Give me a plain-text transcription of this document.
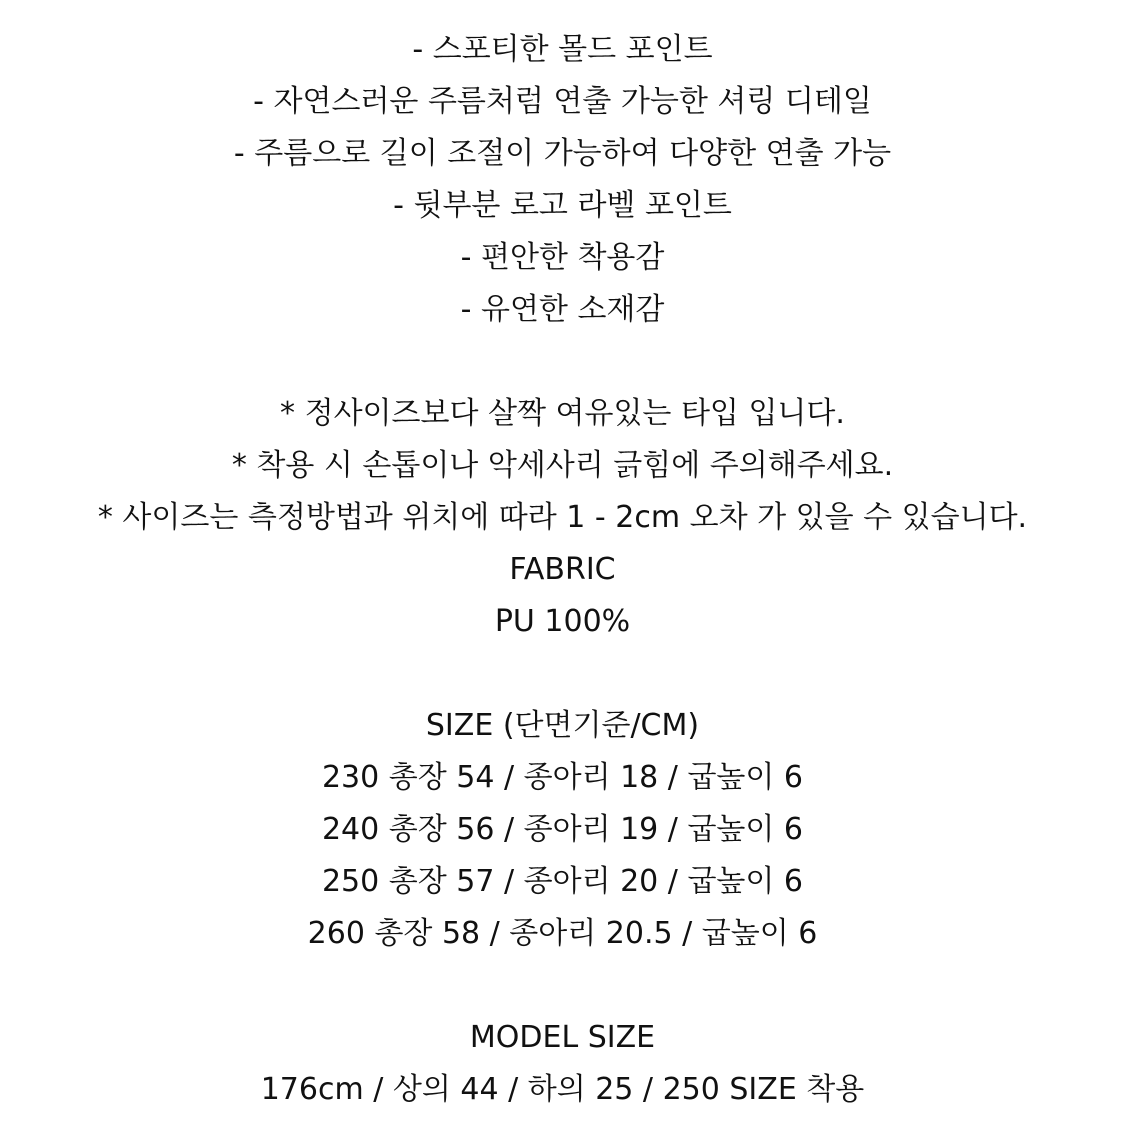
- 스포티한 몰드 포인트
- 자연스러운 주름처럼 연출 가능한 셔링 디테일
- 주름으로 길이 조절이 가능하여 다양한 연출 가능
- 뒷부분 로고 라벨 포인트
- 편안한 착용감
- 유연한 소재감
* 정사이즈보다 살짝 여유있는 타입 입니다.
* 착용 시 손톱이나 악세사리 긁힘에 주의해주세요.
* 사이즈는 측정방법과 위치에 따라 1 - 2cm 오차 가 있을 수 있습니다.
FABRIC
PU 100%
SIZE (단면기준/CM)
230 총장 54 / 종아리 18 / 굽높이 6
240 총장 56 / 종아리 19 / 굽높이 6
250 총장 57 / 종아리 20 / 굽높이 6
260 총장 58 / 종아리 20.5 / 굽높이 6
MODEL SIZE
176cm / 상의 44 / 하의 25 / 250 SIZE 착용
